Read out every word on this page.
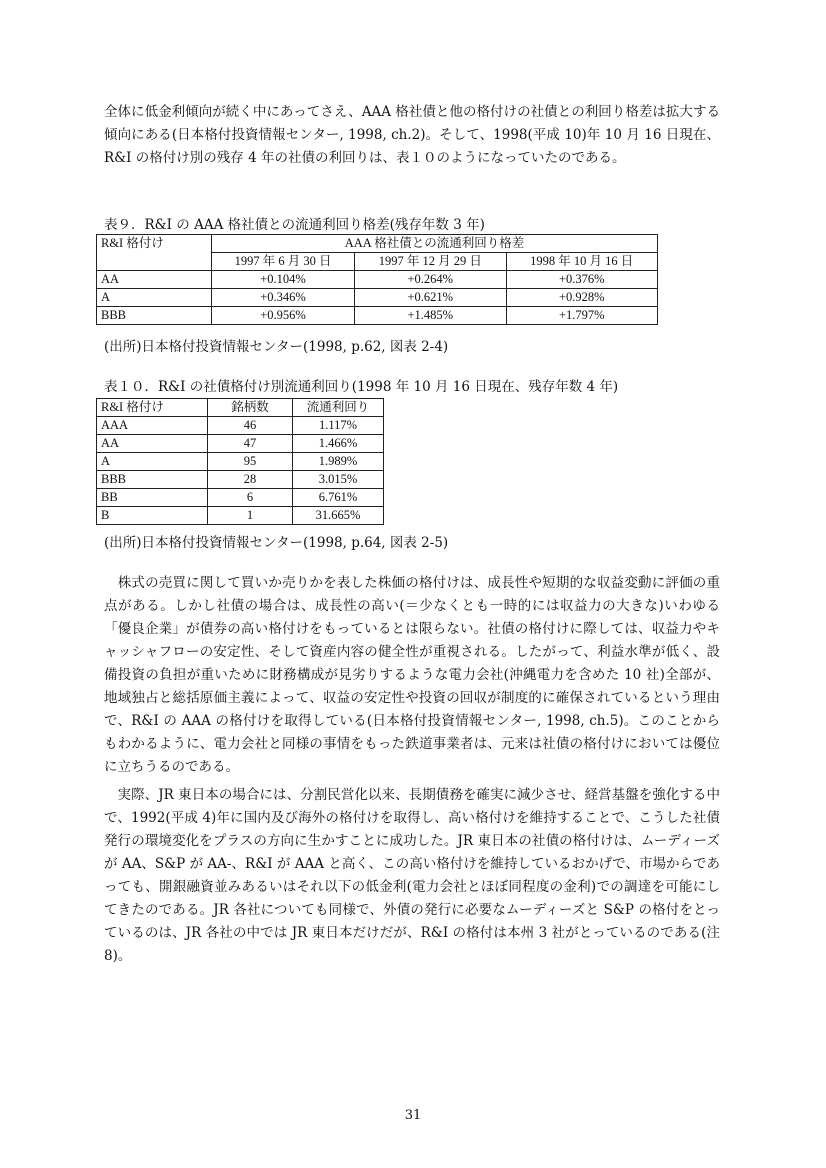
全体に低金利傾向が続く中にあってさえ、AAA 格社債と他の格付けの社債との利回り格差は拡大する傾向にある(日本格付投資情報センター, 1998, ch.2)。そして、1998(平成 10)年 10 月 16 日現在、R&I の格付け別の残存 4 年の社債の利回りは、表１０のようになっていたのである。

表９．R&I の AAA 格社債との流通利回り格差(残存年数 3 年)
R&I 格付け	AAA 格社債との流通利回り格差		
	1997 年 6 月 30 日	1997 年 12 月 29 日	1998 年 10 月 16 日
AA	+0.104%	+0.264%	+0.376%
A	+0.346%	+0.621%	+0.928%
BBB	+0.956%	+1.485%	+1.797%
(出所)日本格付投資情報センター(1998, p.62, 図表 2-4)
表１０．R&I の社債格付け別流通利回り(1998 年 10 月 16 日現在、残存年数 4 年)
R&I 格付け	銘柄数	流通利回り
AAA	46	1.117%
AA	47	1.466%
A	95	1.989%
BBB	28	3.015%
BB	6	6.761%
B	1	31.665%
(出所)日本格付投資情報センター(1998, p.64, 図表 2-5)

　株式の売買に関して買いか売りかを表した株価の格付けは、成長性や短期的な収益変動に評価の重点がある。しかし社債の場合は、成長性の高い(＝少なくとも一時的には収益力の大きな)いわゆる「優良企業」が債券の高い格付けをもっているとは限らない。社債の格付けに際しては、収益力やキャッシャフローの安定性、そして資産内容の健全性が重視される。したがって、利益水準が低く、設備投資の負担が重いために財務構成が見劣りするような電力会社(沖縄電力を含めた 10 社)全部が、地域独占と総括原価主義によって、収益の安定性や投資の回収が制度的に確保されているという理由で、R&I の AAA の格付けを取得している(日本格付投資情報センター, 1998, ch.5)。このことからもわかるように、電力会社と同様の事情をもった鉄道事業者は、元来は社債の格付けにおいては優位に立ちうるのである。

　実際、JR 東日本の場合には、分割民営化以来、長期債務を確実に減少させ、経営基盤を強化する中で、1992(平成 4)年に国内及び海外の格付けを取得し、高い格付けを維持することで、こうした社債発行の環境変化をプラスの方向に生かすことに成功した。JR 東日本の社債の格付けは、ムーディーズが AA、S&P が AA-、R&I が AAA と高く、この高い格付けを維持しているおかげで、市場からであっても、開銀融資並みあるいはそれ以下の低金利(電力会社とほぼ同程度の金利)での調達を可能にしてきたのである。JR 各社についても同様で、外債の発行に必要なムーディーズと S&P の格付をとっているのは、JR 各社の中では JR 東日本だけだが、R&I の格付は本州 3 社がとっているのである(注 8)。

31
